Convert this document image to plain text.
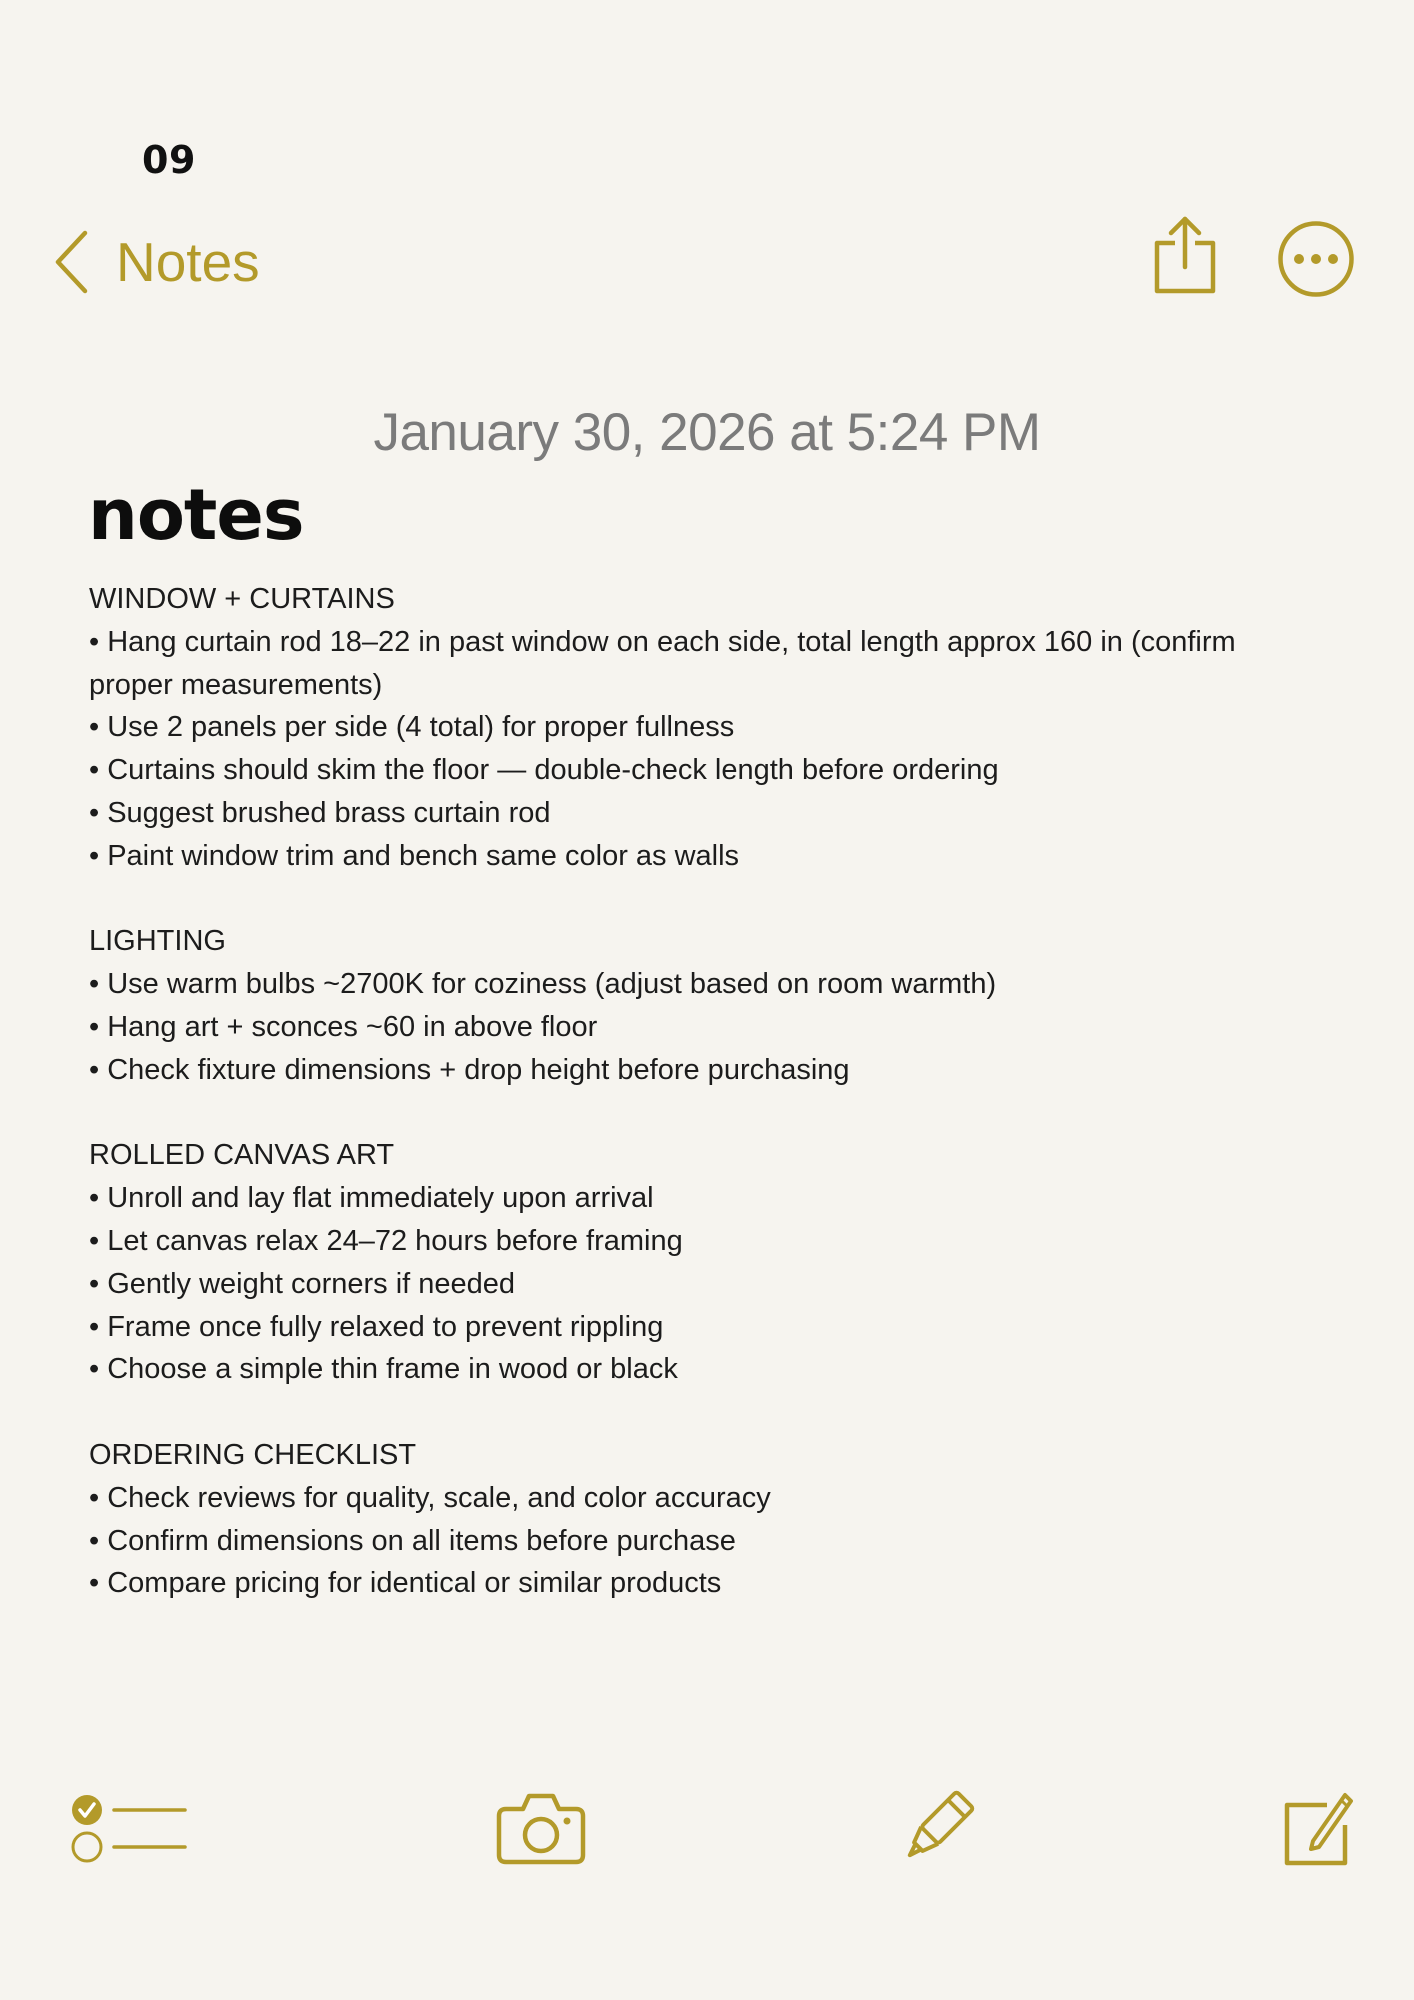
09
Notes
January 30, 2026 at 5:24 PM
notes
WINDOW + CURTAINS
• Hang curtain rod 18–22 in past window on each side, total length approx 160 in (confirm proper measurements)
• Use 2 panels per side (4 total) for proper fullness
• Curtains should skim the floor — double-check length before ordering
• Suggest brushed brass curtain rod
• Paint window trim and bench same color as walls
LIGHTING
• Use warm bulbs ~2700K for coziness (adjust based on room warmth)
• Hang art + sconces ~60 in above floor
• Check fixture dimensions + drop height before purchasing
ROLLED CANVAS ART
• Unroll and lay flat immediately upon arrival
• Let canvas relax 24–72 hours before framing
• Gently weight corners if needed
• Frame once fully relaxed to prevent rippling
• Choose a simple thin frame in wood or black
ORDERING CHECKLIST
• Check reviews for quality, scale, and color accuracy
• Confirm dimensions on all items before purchase
• Compare pricing for identical or similar products
